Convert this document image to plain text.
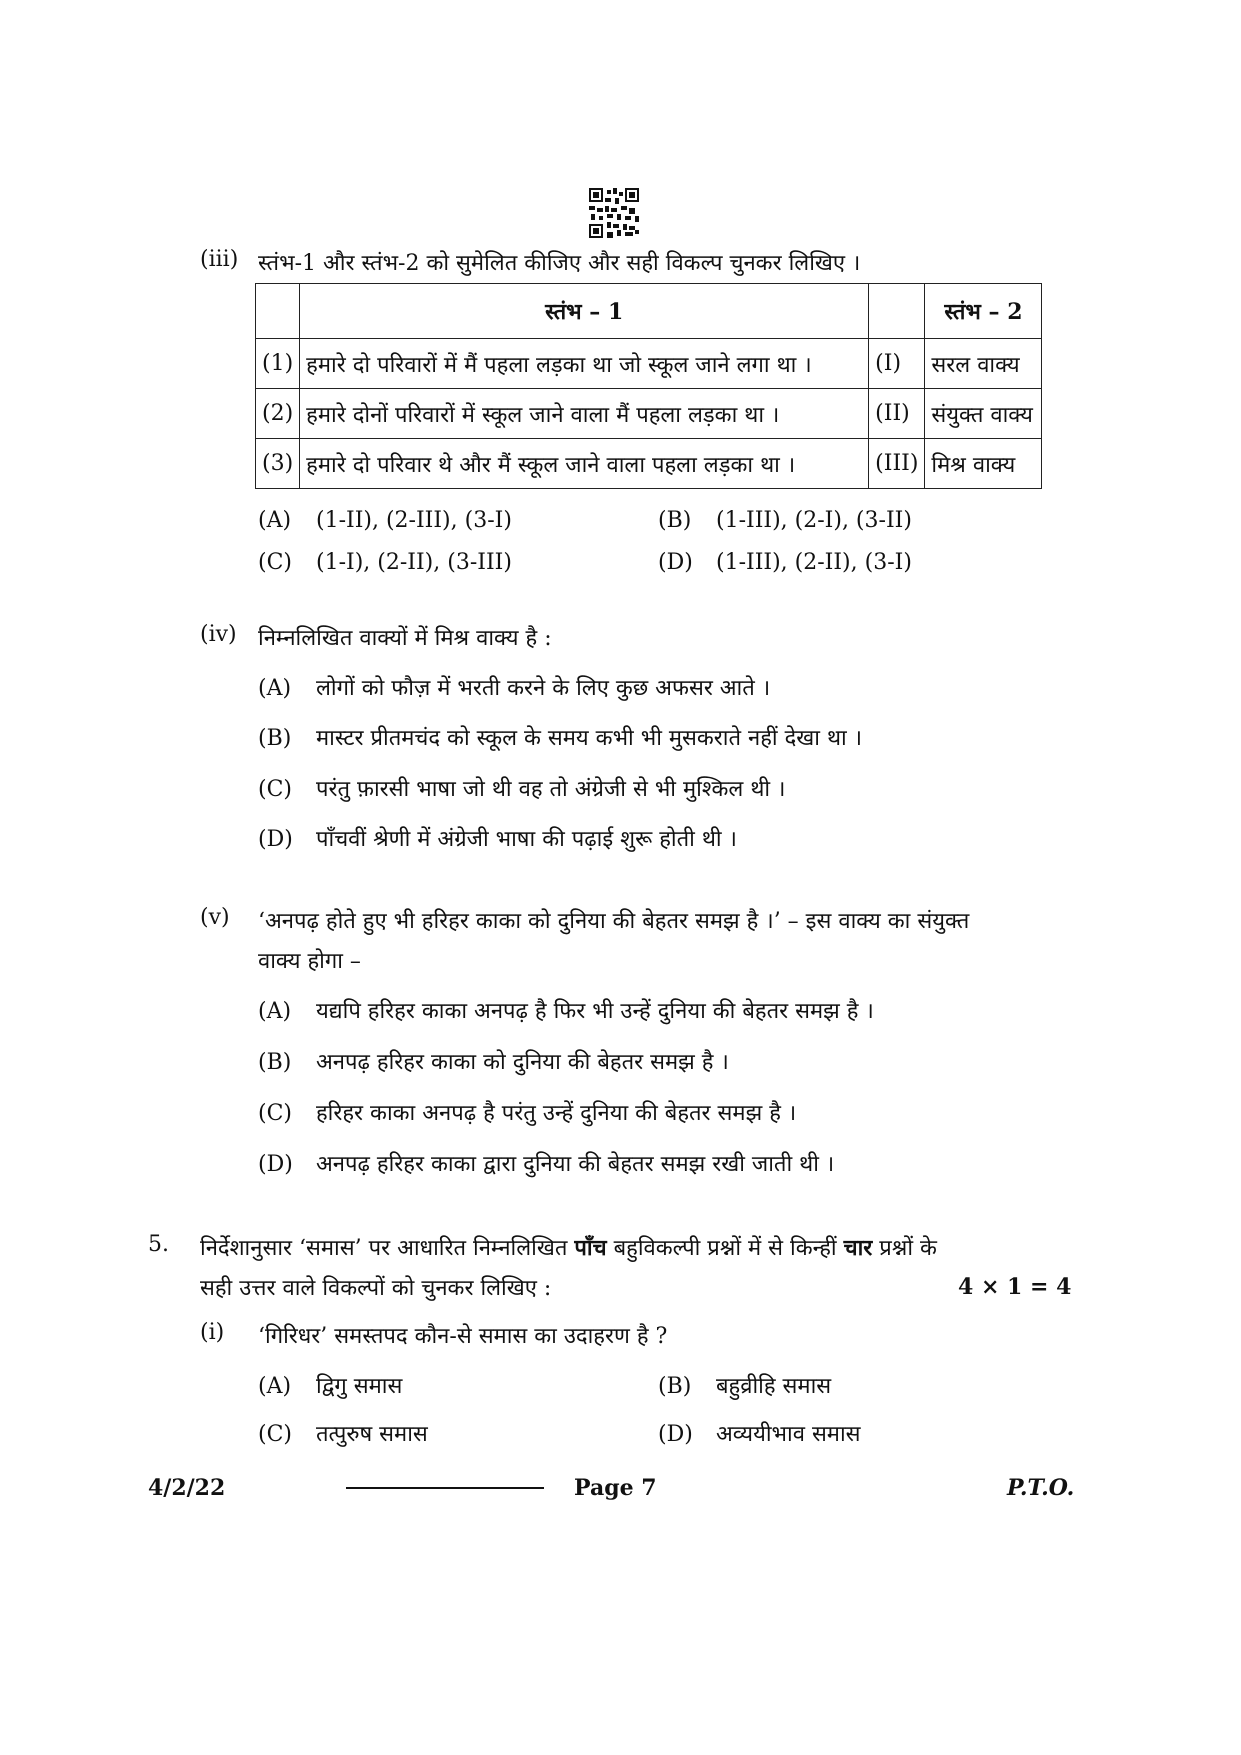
(iii) स्तंभ-1 और स्तंभ-2 को सुमेलित कीजिए और सही विकल्प चुनकर लिखिए ।
	स्तंभ – 1		स्तंभ – 2
(1)	हमारे दो परिवारों में मैं पहला लड़का था जो स्कूल जाने लगा था ।	(I)	सरल वाक्य
(2)	हमारे दोनों परिवारों में स्कूल जाने वाला मैं पहला लड़का था ।	(II)	संयुक्त वाक्य
(3)	हमारे दो परिवार थे और मैं स्कूल जाने वाला पहला लड़का था ।	(III)	मिश्र वाक्य
(A) (1-II), (2-III), (3-I)	(B) (1-III), (2-I), (3-II)
(C) (1-I), (2-II), (3-III)	(D) (1-III), (2-II), (3-I)
(iv) निम्नलिखित वाक्यों में मिश्र वाक्य है :
(A) लोगों को फौज़ में भरती करने के लिए कुछ अफसर आते ।
(B) मास्टर प्रीतमचंद को स्कूल के समय कभी भी मुसकराते नहीं देखा था ।
(C) परंतु फ़ारसी भाषा जो थी वह तो अंग्रेजी से भी मुश्किल थी ।
(D) पाँचवीं श्रेणी में अंग्रेजी भाषा की पढ़ाई शुरू होती थी ।
(v) ‘अनपढ़ होते हुए भी हरिहर काका को दुनिया की बेहतर समझ है ।’ – इस वाक्य का संयुक्त
वाक्य होगा –
(A) यद्यपि हरिहर काका अनपढ़ है फिर भी उन्हें दुनिया की बेहतर समझ है ।
(B) अनपढ़ हरिहर काका को दुनिया की बेहतर समझ है ।
(C) हरिहर काका अनपढ़ है परंतु उन्हें दुनिया की बेहतर समझ है ।
(D) अनपढ़ हरिहर काका द्वारा दुनिया की बेहतर समझ रखी जाती थी ।
5. निर्देशानुसार ‘समास’ पर आधारित निम्नलिखित पाँच बहुविकल्पी प्रश्नों में से किन्हीं चार प्रश्नों के
सही उत्तर वाले विकल्पों को चुनकर लिखिए :	4 × 1 = 4
(i) ‘गिरिधर’ समस्तपद कौन-से समास का उदाहरण है ?
(A) द्विगु समास	(B) बहुव्रीहि समास
(C) तत्पुरुष समास	(D) अव्ययीभाव समास
4/2/22	Page 7	P.T.O.
